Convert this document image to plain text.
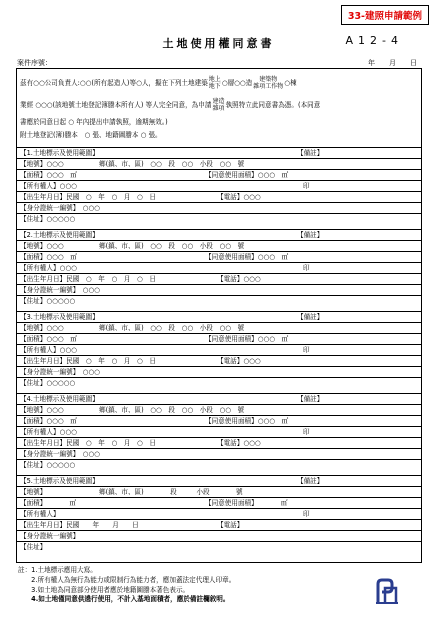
33-建照申請範例
土地使用權同意書	A12-4
案件序號：	年　　月　　日
茲有○○公司負責人:○○(所有起造人)等○人，擬在下列土地建築地上
地下○層○○造 建築物
雜項工作物○棟
業經 ○○○(該地號土地登記簿謄本所有人) 等人完全同意，為申請建造
雜項執照特立此同意書為憑。(本同意
書應於同意日起 ○ 年內提出申請執照，逾期無效。)
附土地登記(簿)謄本　○ 張、地籍圖謄本 ○ 張。
【1.土地標示及使用範圍】	【備註】
【地號】○○○	鄉(鎮、市、區)　○○　段　○○　小段　○○　號
【面積】○○○　㎡	【同意使用面積】○○○　㎡
【所有權人】○○○	印
【出生年月日】民國　○　年　○　月　○　日	【電話】○○○
【身分證統一編號】　○○○
【住址】○○○○○
【2.土地標示及使用範圍】	【備註】
【地號】○○○	鄉(鎮、市、區)　○○　段　○○　小段　○○　號
【面積】○○○　㎡	【同意使用面積】○○○　㎡
【所有權人】○○○	印
【出生年月日】民國　○　年　○　月　○　日	【電話】○○○
【身分證統一編號】　○○○
【住址】○○○○○
【3.土地標示及使用範圍】	【備註】
【地號】○○○	鄉(鎮、市、區)　○○　段　○○　小段　○○　號
【面積】○○○　㎡	【同意使用面積】○○○　㎡
【所有權人】○○○	印
【出生年月日】民國　○　年　○　月　○　日	【電話】○○○
【身分證統一編號】　○○○
【住址】○○○○○
【4.土地標示及使用範圍】	【備註】
【地號】○○○	鄉(鎮、市、區)　○○　段　○○　小段　○○　號
【面積】○○○　㎡	【同意使用面積】○○○　㎡
【所有權人】○○○	印
【出生年月日】民國　○　年　○　月　○　日	【電話】○○○
【身分證統一編號】　○○○
【住址】○○○○○
【5.土地標示及使用範圍】	【備註】
【地號】	鄉(鎮、市、區)　　　　段　　　小段　　　　號
【面積】　　　　㎡	【同意使用面積】　　　　㎡
【所有權人】	印
【出生年月日】民國　　年　　月　　日	【電話】
【身分證統一編號】
【住址】
註：1.土地標示應用大寫。
　　2.所有權人為無行為能力或限制行為能力者，應加蓋法定代理人印章。
　　3.如土地為同意部分使用者應於地籍圖謄本著色表示。
　　4.如土地僅同意供遶行使用，不計入基地面積者，應於備註欄敘明。
